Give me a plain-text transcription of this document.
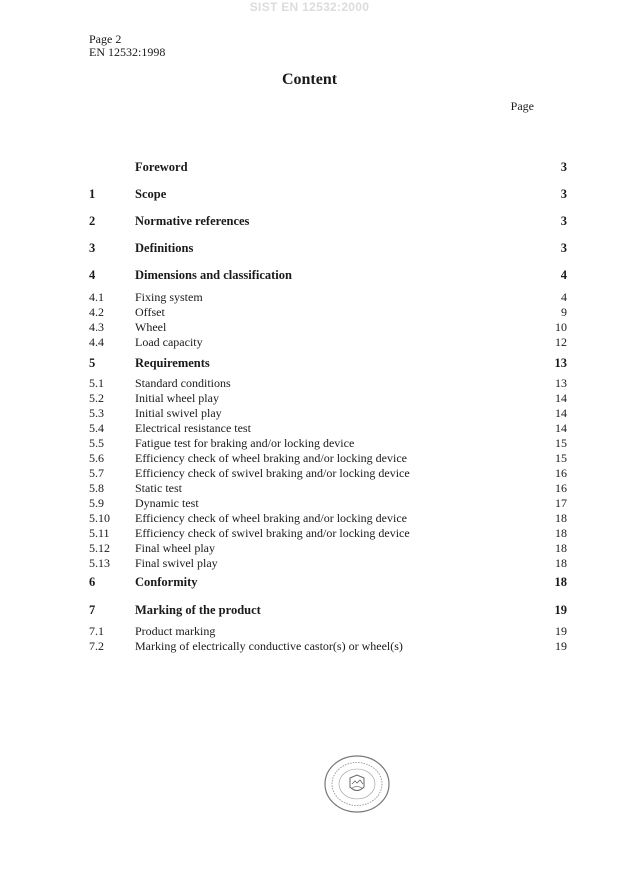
SIST EN 12532:2000
Page 2
EN 12532:1998
Content
Page
Foreword	3
1	Scope	3
2	Normative references	3
3	Definitions	3
4	Dimensions and classification	4
4.1	Fixing system	4
4.2	Offset	9
4.3	Wheel	10
4.4	Load capacity	12
5	Requirements	13
5.1	Standard conditions	13
5.2	Initial wheel play	14
5.3	Initial swivel play	14
5.4	Electrical resistance test	14
5.5	Fatigue test for braking and/or locking device	15
5.6	Efficiency check of wheel braking and/or locking device	15
5.7	Efficiency check of swivel braking and/or locking device	16
5.8	Static test	16
5.9	Dynamic test	17
5.10 Efficiency check of wheel braking and/or locking device	18
5.11 Efficiency check of swivel braking and/or locking device	18
5.12 Final wheel play	18
5.13 Final swivel play	18
6	Conformity	18
7	Marking of the product	19
7.1	Product marking	19
7.2	Marking of electrically conductive castor(s) or wheel(s)	19
